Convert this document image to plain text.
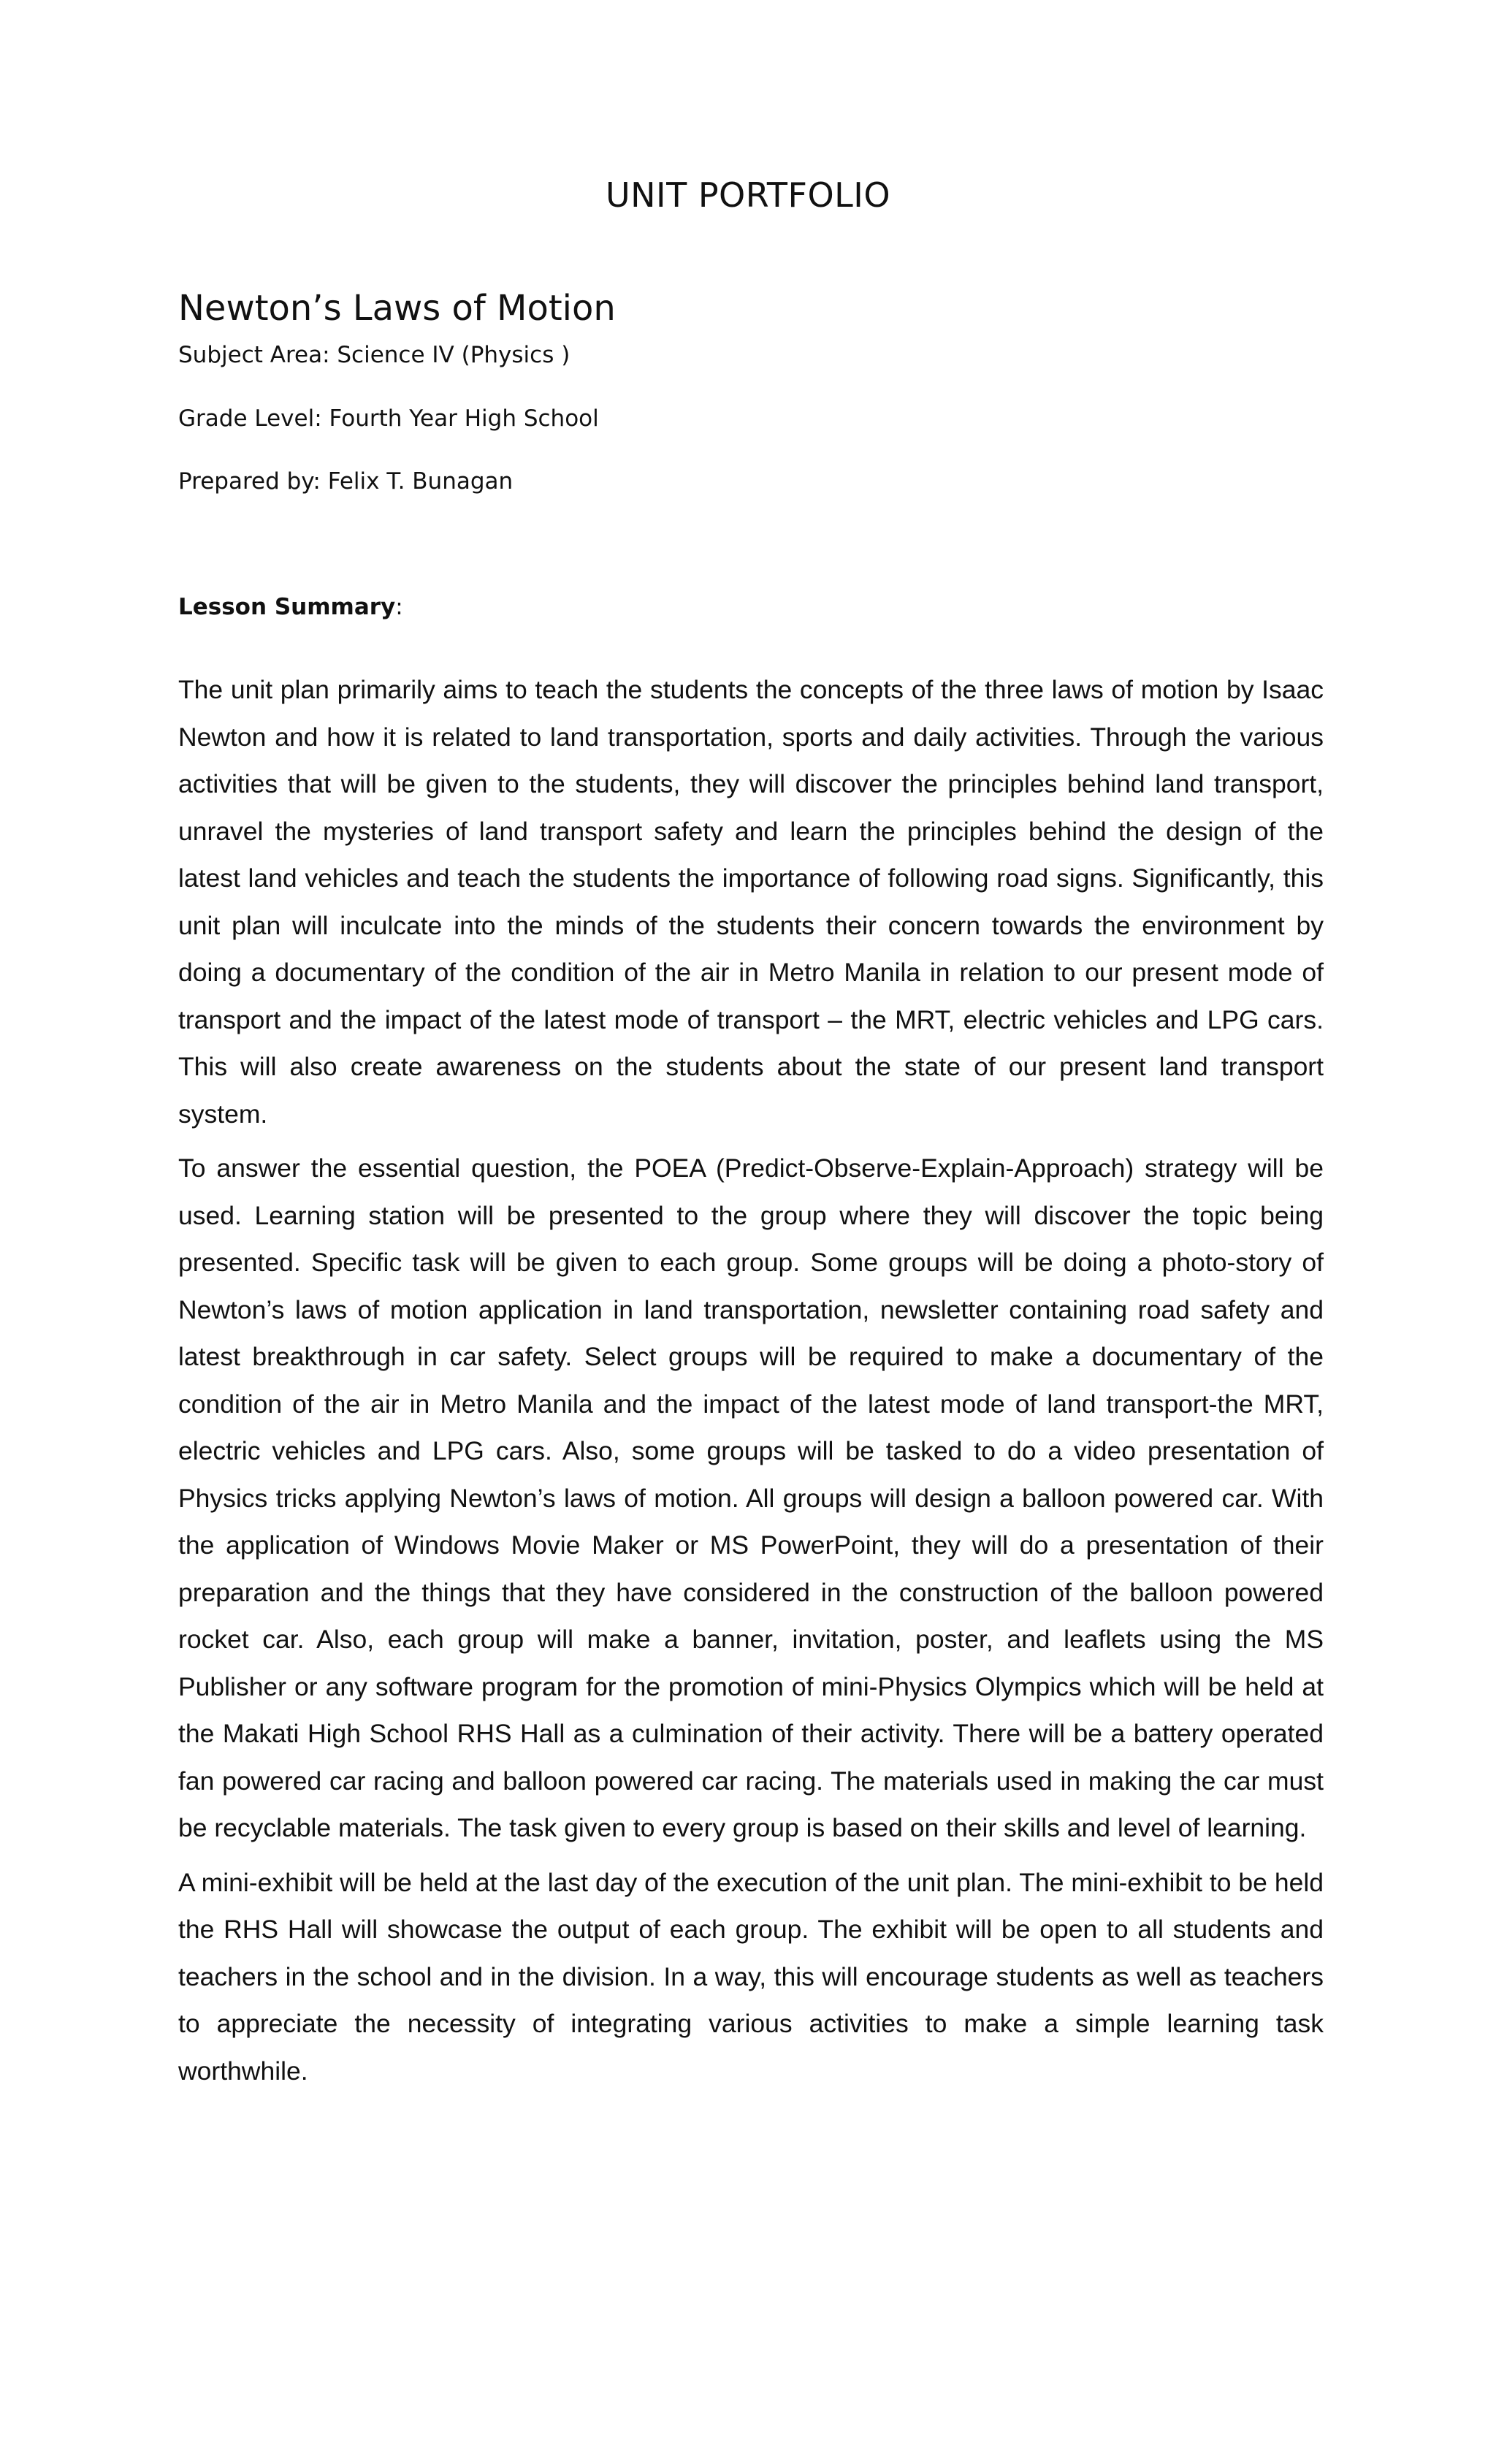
UNIT PORTFOLIO
Newton’s Laws of Motion
Subject Area: Science IV (Physics )
Grade Level: Fourth Year High School
Prepared by: Felix T. Bunagan
Lesson Summary:

The unit plan primarily aims to teach the students the concepts of the three laws of motion by Isaac Newton and how it is related to land transportation, sports and daily activities. Through the various activities that will be given to the students, they will discover the principles behind land transport, unravel the mysteries of land transport safety and learn the principles behind the design of the latest land vehicles and teach the students the importance of following road signs. Significantly, this unit plan will inculcate into the minds of the students their concern towards the environment by doing a documentary of the condition of the air in Metro Manila in relation to our present mode of transport and the impact of the latest mode of transport – the MRT, electric vehicles and LPG cars. This will also create awareness on the students about the state of our present land transport system.

To answer the essential question, the POEA (Predict-Observe-Explain-Approach) strategy will be used. Learning station will be presented to the group where they will discover the topic being presented. Specific task will be given to each group. Some groups will be doing a photo-story of Newton’s laws of motion application in land transportation, newsletter containing road safety and latest breakthrough in car safety. Select groups will be required to make a documentary of the condition of the air in Metro Manila and the impact of the latest mode of land transport-the MRT, electric vehicles and LPG cars. Also, some groups will be tasked to do a video presentation of Physics tricks applying Newton’s laws of motion. All groups will design a balloon powered car. With the application of Windows Movie Maker or MS PowerPoint, they will do a presentation of their preparation and the things that they have considered in the construction of the balloon powered rocket car. Also, each group will make a banner, invitation, poster, and leaflets using the MS Publisher or any software program for the promotion of mini-Physics Olympics which will be held at the Makati High School RHS Hall as a culmination of their activity. There will be a battery operated fan powered car racing and balloon powered car racing. The materials used in making the car must be recyclable materials. The task given to every group is based on their skills and level of learning.

A mini-exhibit will be held at the last day of the execution of the unit plan. The mini-exhibit to be held the RHS Hall will showcase the output of each group. The exhibit will be open to all students and teachers in the school and in the division. In a way, this will encourage students as well as teachers to appreciate the necessity of integrating various activities to make a simple learning task worthwhile.
